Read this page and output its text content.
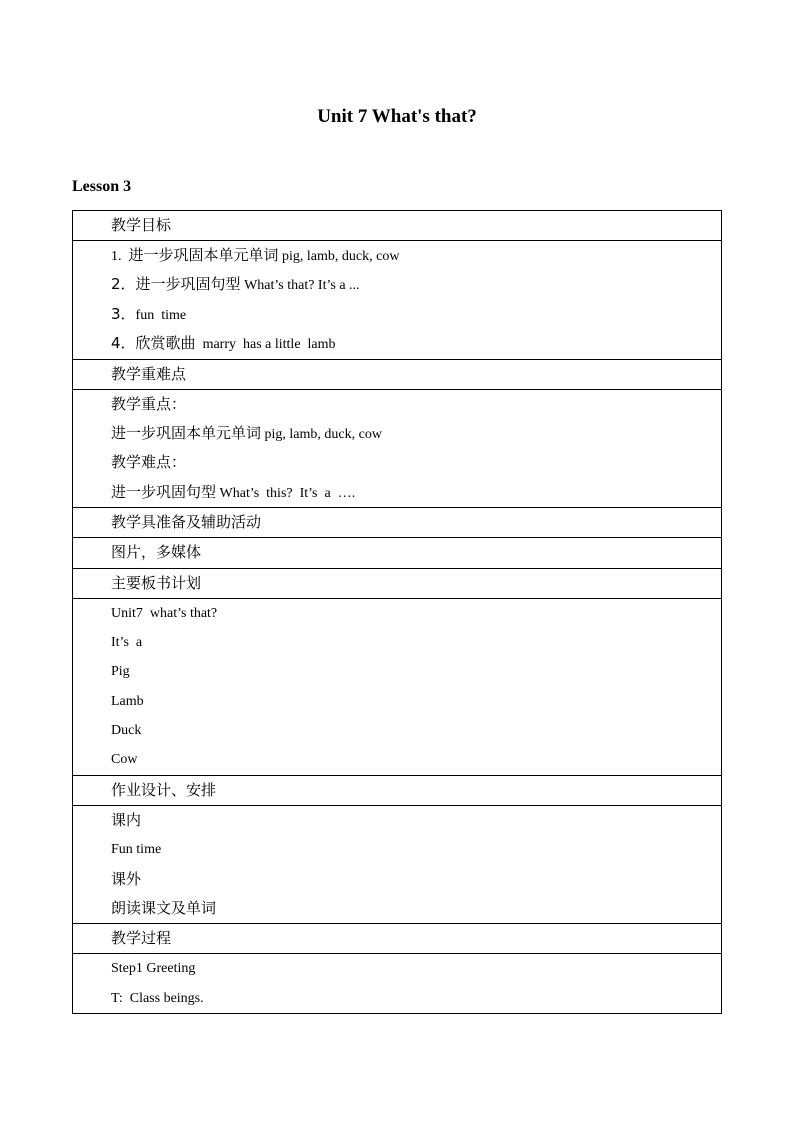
Unit 7 What's that?
Lesson 3
教学目标

1.  进一步巩固本单元单词 pig, lamb, duck, cow
2．进一步巩固句型 What’s that? It’s a ...
3．fun  time
4．欣赏歌曲  marry  has a little  lamb

教学重难点

教学重点：
进一步巩固本单元单词 pig, lamb, duck, cow
教学难点：
进一步巩固句型 What’s  this?  It’s  a  ….

教学具准备及辅助活动

图片，多媒体

主要板书计划

Unit7  what’s that?
It’s  a
Pig
Lamb
Duck
Cow

作业设计、安排

课内
Fun time
课外
朗读课文及单词

教学过程

Step1 Greeting
T:  Class beings.
